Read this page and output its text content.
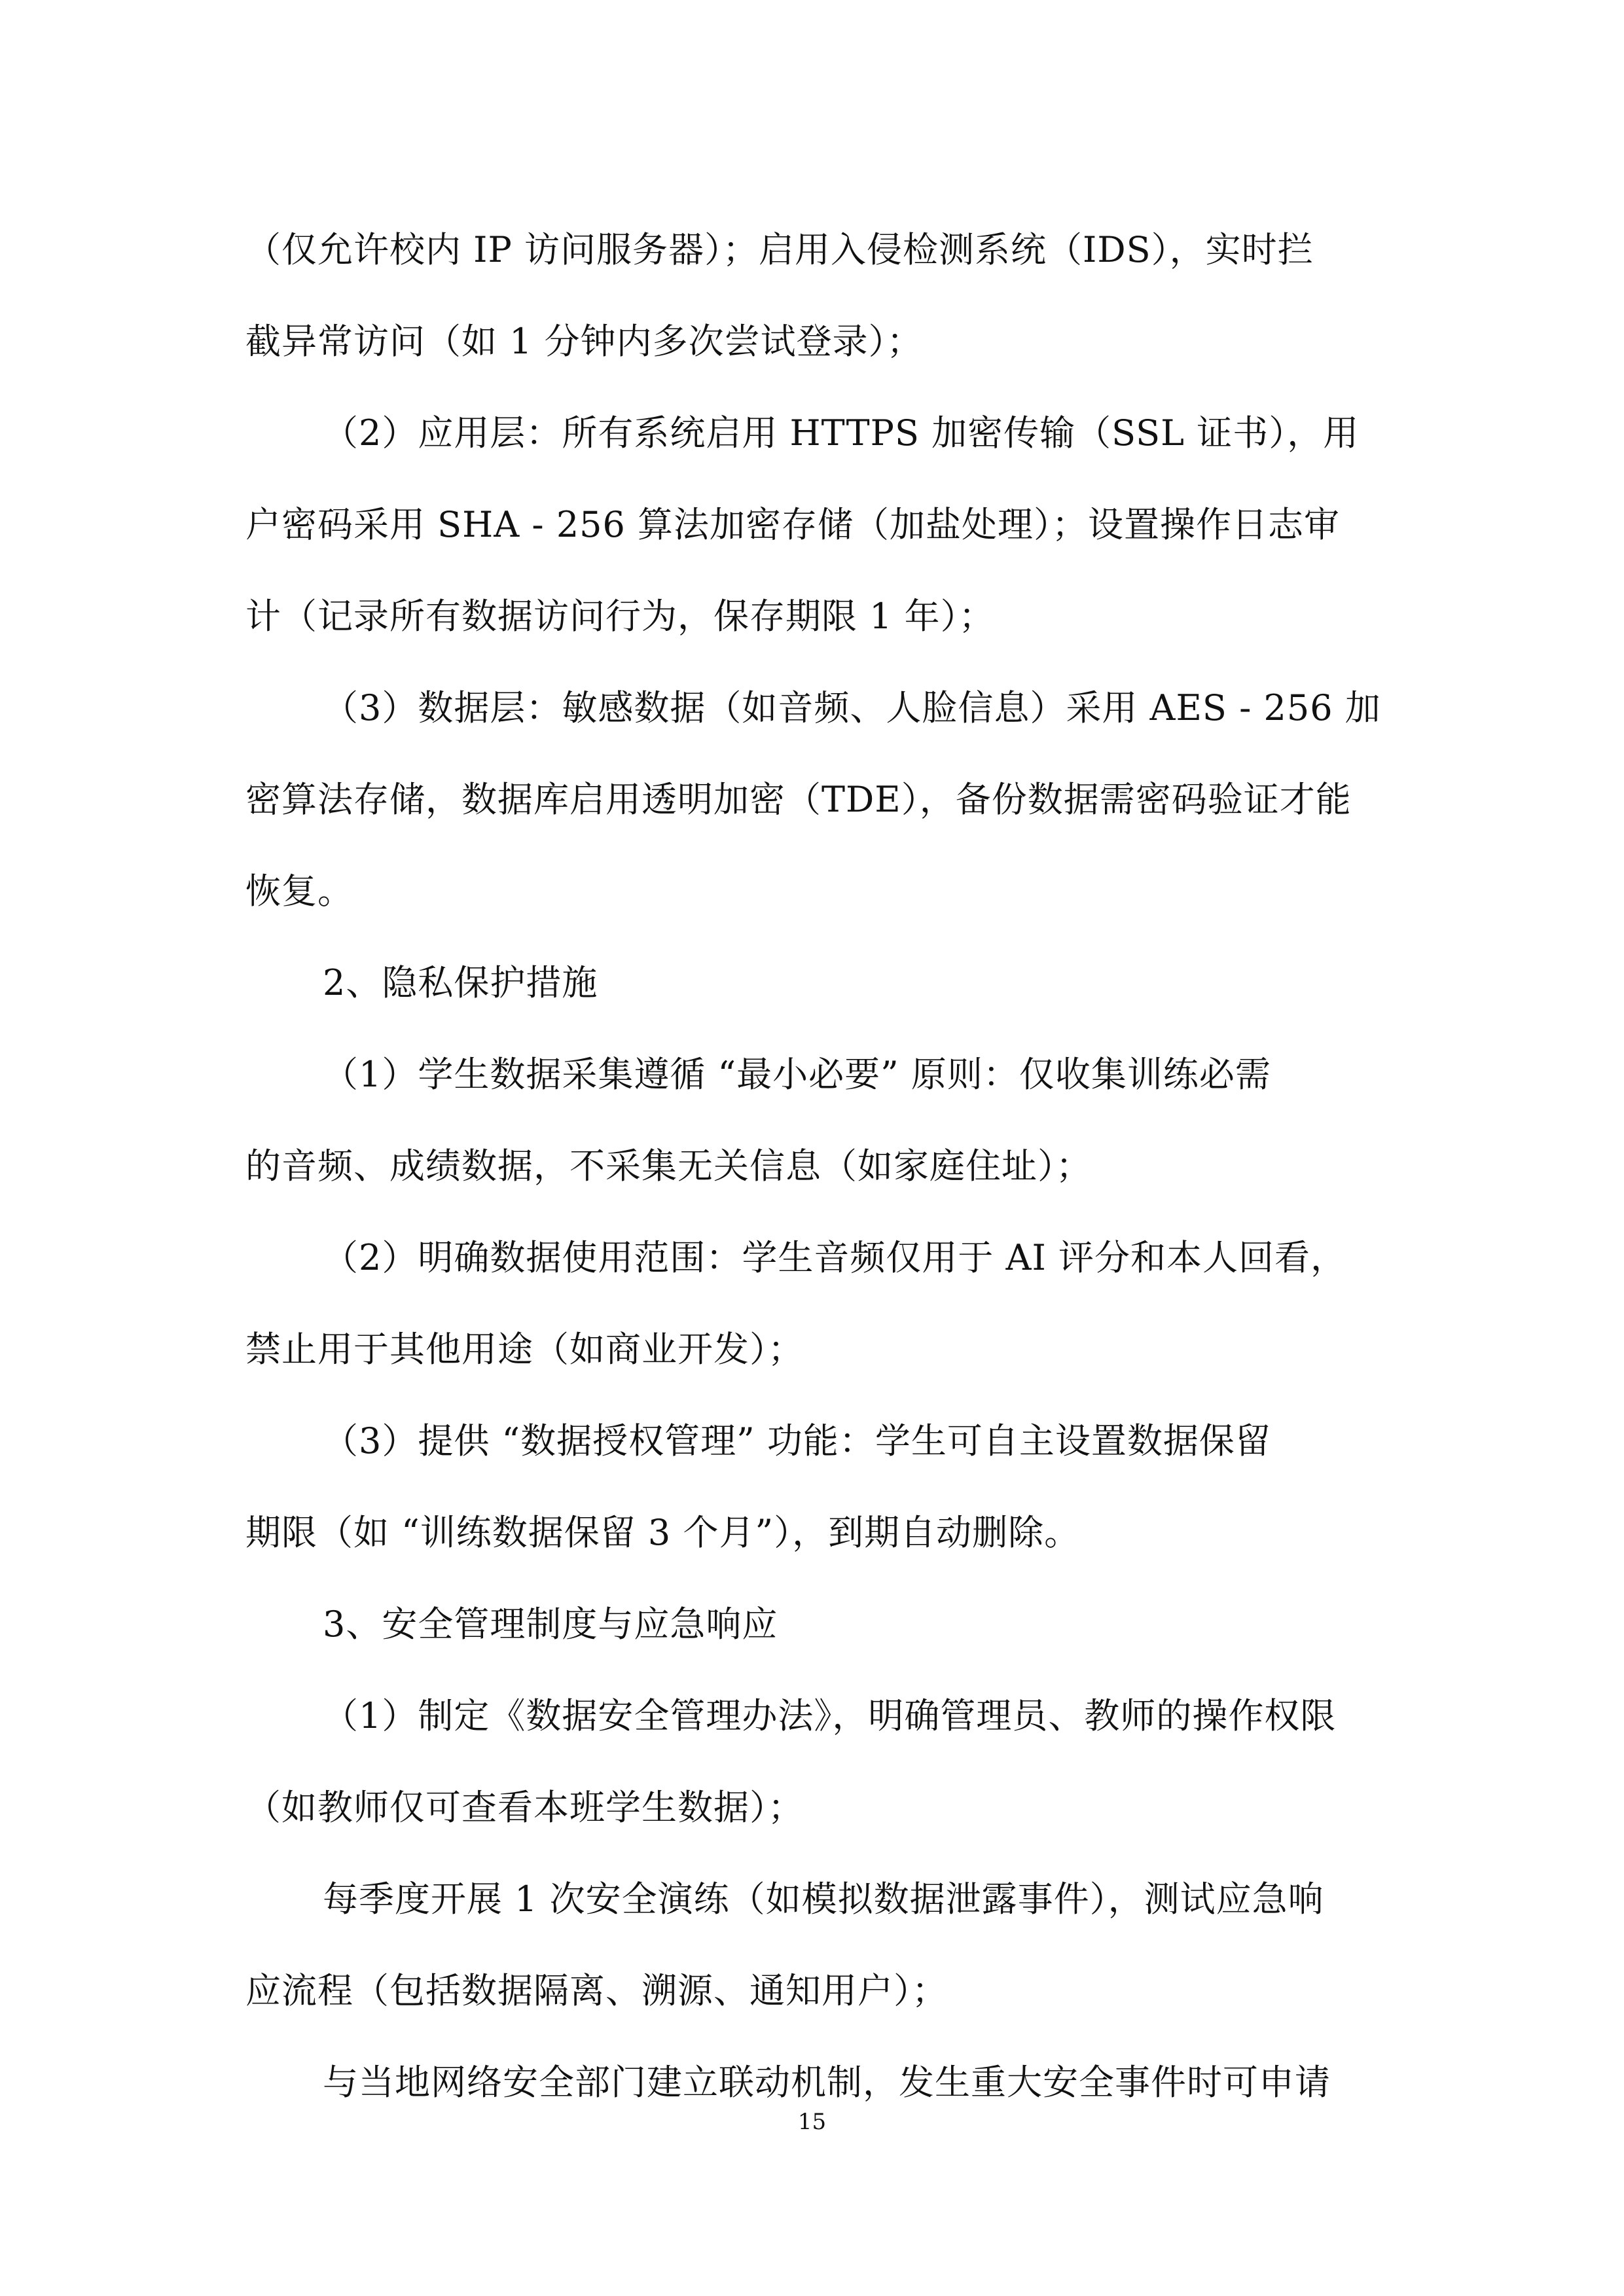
（仅允许校内 IP 访问服务器）；启用入侵检测系统（IDS），实时拦
截异常访问（如 1 分钟内多次尝试登录）；
（2）应用层：所有系统启用 HTTPS 加密传输（SSL 证书），用
户密码采用 SHA - 256 算法加密存储（加盐处理）；设置操作日志审
计（记录所有数据访问行为，保存期限 1 年）；
（3）数据层：敏感数据（如音频、人脸信息）采用 AES - 256 加
密算法存储，数据库启用透明加密（TDE），备份数据需密码验证才能
恢复。
2、隐私保护措施
（1）学生数据采集遵循 “最小必要” 原则：仅收集训练必需
的音频、成绩数据，不采集无关信息（如家庭住址）；
（2）明确数据使用范围：学生音频仅用于 AI 评分和本人回看，
禁止用于其他用途（如商业开发）；
（3）提供 “数据授权管理” 功能：学生可自主设置数据保留
期限（如 “训练数据保留 3 个月”），到期自动删除。
3、安全管理制度与应急响应
（1）制定《数据安全管理办法》，明确管理员、教师的操作权限
（如教师仅可查看本班学生数据）；
每季度开展 1 次安全演练（如模拟数据泄露事件），测试应急响
应流程（包括数据隔离、溯源、通知用户）；
与当地网络安全部门建立联动机制，发生重大安全事件时可申请
15
